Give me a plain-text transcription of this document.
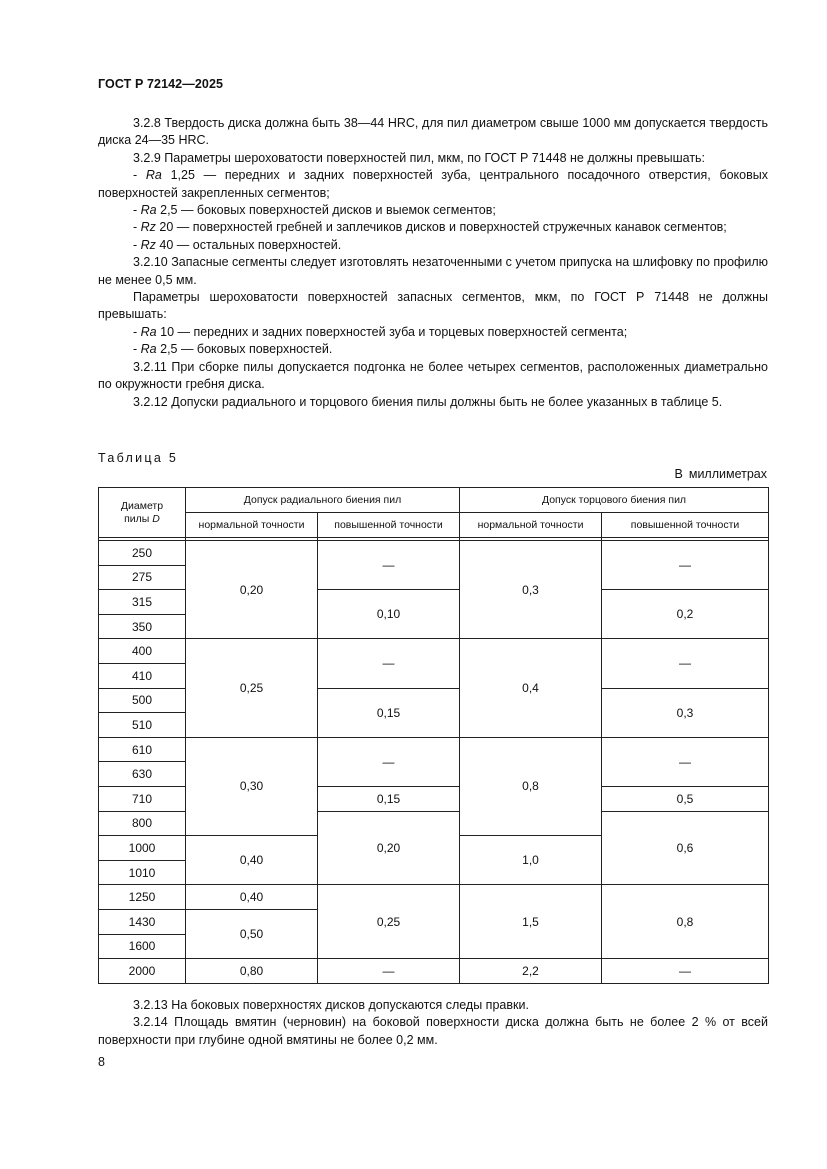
ГОСТ Р 72142—2025

3.2.8 Твердость диска должна быть 38—44 HRC, для пил диаметром свыше 1000 мм допускается твердость диска 24—35 HRC.

3.2.9 Параметры шероховатости поверхностей пил, мкм, по ГОСТ Р 71448 не должны превышать:

- Ra 1,25 — передних и задних поверхностей зуба, центрального посадочного отверстия, боковых поверхностей закрепленных сегментов;

- Ra 2,5 — боковых поверхностей дисков и выемок сегментов;

- Rz 20 — поверхностей гребней и заплечиков дисков и поверхностей стружечных канавок сегментов;

- Rz 40 — остальных поверхностей.

3.2.10 Запасные сегменты следует изготовлять незаточенными с учетом припуска на шлифовку по профилю не менее 0,5 мм.

Параметры шероховатости поверхностей запасных сегментов, мкм, по ГОСТ Р 71448 не должны превышать:

- Ra 10 — передних и задних поверхностей зуба и торцевых поверхностей сегмента;

- Ra 2,5 — боковых поверхностей.

3.2.11 При сборке пилы допускается подгонка не более четырех сегментов, расположенных диаметрально по окружности гребня диска.

3.2.12 Допуски радиального и торцового биения пилы должны быть не более указанных в таблице 5.

Таблица 5
В миллиметрах
Диаметр
пилы D	Допуск радиального биения пил		Допуск торцового биения пил	
	нормальной точности	повышенной точности	нормальной точности	повышенной точности

250	0,20	—	0,3	—
275				
315		0,10		0,2
350				
400	0,25	—	0,4	—
410				
500		0,15		0,3
510				
610	0,30	—	0,8	—
630				
710		0,15		0,5
800		0,20		0,6
1000	0,40		1,0	
1010				
1250	0,40	0,25	1,5	0,8
1430	0,50			
1600				
2000	0,80	—	2,2	—

3.2.13 На боковых поверхностях дисков допускаются следы правки.

3.2.14 Площадь вмятин (черновин) на боковой поверхности диска должна быть не более 2 % от всей поверхности при глубине одной вмятины не более 0,2 мм.

8
